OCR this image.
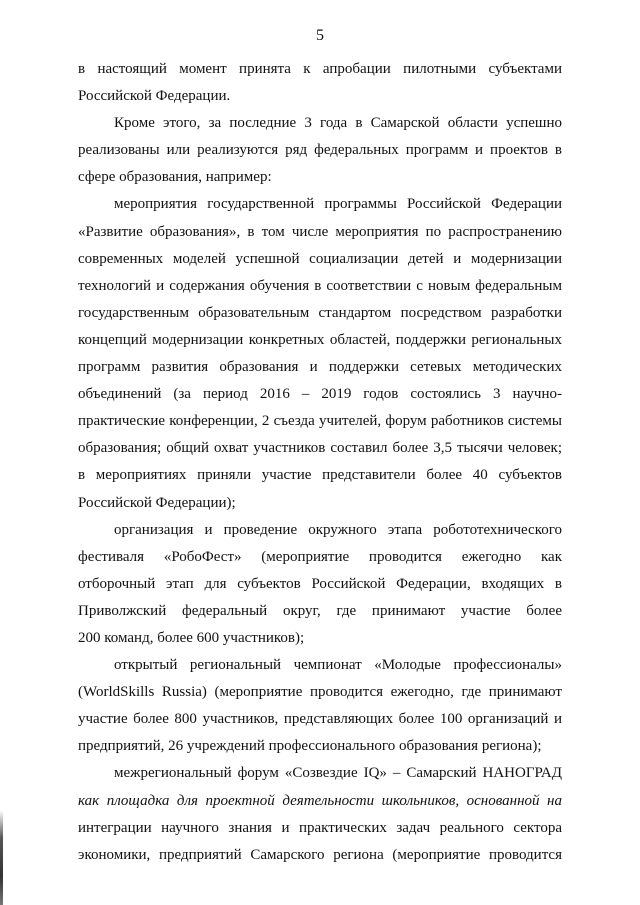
5
в настоящий момент принята к апробации пилотными субъектами
Российской Федерации.
Кроме этого, за последние 3 года в Самарской области успешно
реализованы или реализуются ряд федеральных программ и проектов в
сфере образования, например:
мероприятия государственной программы Российской Федерации
«Развитие образования», в том числе мероприятия по распространению
современных моделей успешной социализации детей и модернизации
технологий и содержания обучения в соответствии с новым федеральным
государственным образовательным стандартом посредством разработки
концепций модернизации конкретных областей, поддержки региональных
программ развития образования и поддержки сетевых методических
объединений (за период 2016 – 2019 годов состоялись 3 научно-
практические конференции, 2 съезда учителей, форум работников системы
образования; общий охват участников составил более 3,5 тысячи человек;
в мероприятиях приняли участие представители более 40 субъектов
Российской Федерации);
организация и проведение окружного этапа робототехнического
фестиваля «РобоФест» (мероприятие проводится ежегодно как
отборочный этап для субъектов Российской Федерации, входящих в
Приволжский федеральный округ, где принимают участие более
200 команд, более 600 участников);
открытый региональный чемпионат «Молодые профессионалы»
(WorldSkills Russia) (мероприятие проводится ежегодно, где принимают
участие более 800 участников, представляющих более 100 организаций и
предприятий, 26 учреждений профессионального образования региона);
межрегиональный форум «Созвездие IQ» – Самарский НАНОГРАД
как площадка для проектной деятельности школьников, основанной на
интеграции научного знания и практических задач реального сектора
экономики, предприятий Самарского региона (мероприятие проводится
